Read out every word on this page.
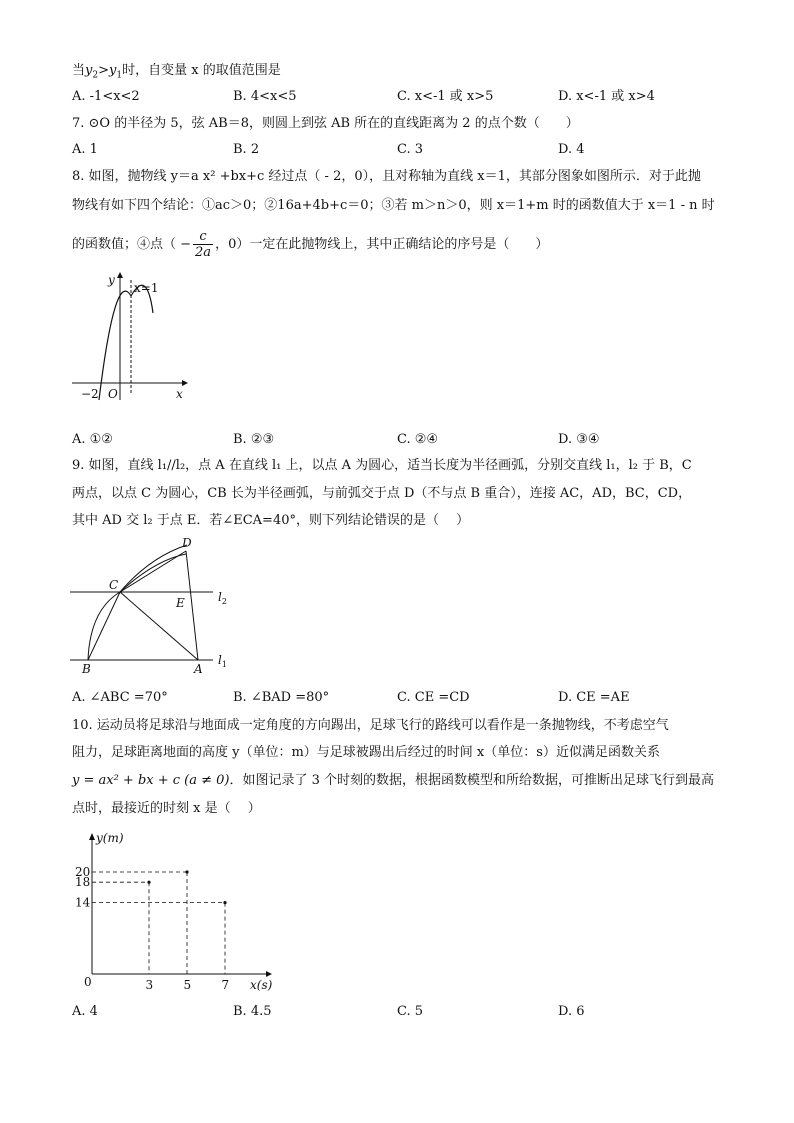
当$y_2>y_1$时，自变量 x 的取值范围是
A. -1<x<2	B. 4<x<5	C. x<-1 或 x>5	D. x<-1 或 x>4
7. ⊙O 的半径为 5，弦 AB＝8，则圆上到弦 AB 所在的直线距离为 2 的点个数（　　）
A. 1	B. 2	C. 3	D. 4
8. 如图，抛物线 y＝a x² +bx+c 经过点（ - 2，0），且对称轴为直线 x＝1，其部分图象如图所示．对于此抛
物线有如下四个结论：①ac＞0；②16a+4b+c＝0；③若 m＞n＞0，则 x＝1+m 时的函数值大于 x＝1 - n 时
的函数值；④点（ − $\frac{c}{2a}$ ，0）一定在此抛物线上，其中正确结论的序号是（　　）
y
x=1
−2 O	x
A. ①②	B. ②③	C. ②④	D. ③④
9. 如图，直线 l₁//l₂，点 A 在直线 l₁ 上，以点 A 为圆心，适当长度为半径画弧，分别交直线 l₁，l₂ 于 B，C
两点，以点 C 为圆心，CB 长为半径画弧，与前弧交于点 D（不与点 B 重合），连接 AC，AD，BC，CD，
其中 AD 交 l₂ 于点 E．若∠ECA=40°，则下列结论错误的是（　 ）
D
C
E
B	A
$l_2$
$l_1$
A. ∠ABC =70°	B. ∠BAD =80°	C. CE =CD	D. CE =AE
10. 运动员将足球沿与地面成一定角度的方向踢出，足球飞行的路线可以看作是一条抛物线，不考虑空气
阻力，足球距离地面的高度 y（单位：m）与足球被踢出后经过的时间 x（单位：s）近似满足函数关系
y = ax² + bx + c (a ≠ 0)．如图记录了 3 个时刻的数据，根据函数模型和所给数据，可推断出足球飞行到最高
点时，最接近的时刻 x 是（　 ）
y(m)
x(s)
0	3	5	7
14
18
20
A. 4	B. 4.5	C. 5	D. 6
